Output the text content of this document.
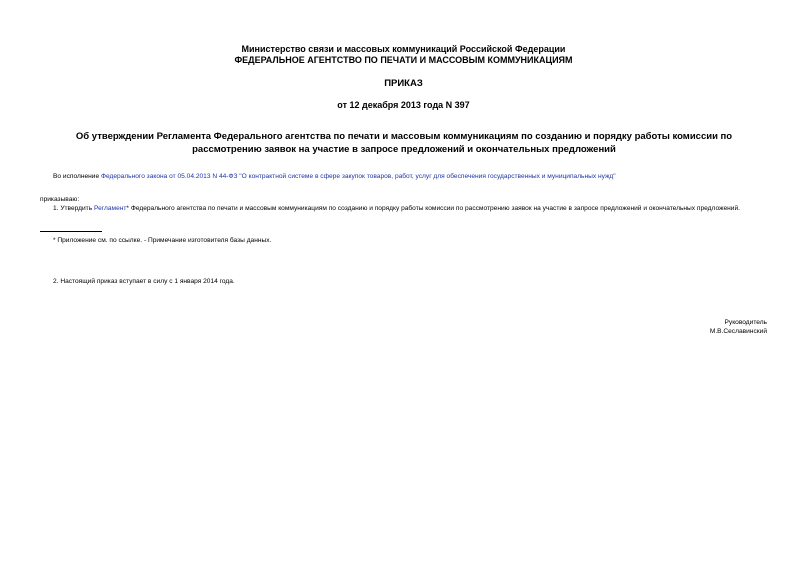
Министерство связи и массовых коммуникаций Российской Федерации
ФЕДЕРАЛЬНОЕ АГЕНТСТВО ПО ПЕЧАТИ И МАССОВЫМ КОММУНИКАЦИЯМ
ПРИКАЗ
от 12 декабря 2013 года N 397
Об утверждении Регламента Федерального агентства по печати и массовым коммуникациям по созданию и порядку работы комиссии по рассмотрению заявок на участие в запросе предложений и окончательных предложений
Во исполнение Федерального закона от 05.04.2013 N 44-ФЗ "О контрактной системе в сфере закупок товаров, работ, услуг для обеспечения государственных и муниципальных нужд"
приказываю:
1. Утвердить Регламент* Федерального агентства по печати и массовым коммуникациям по созданию и порядку работы комиссии по рассмотрению заявок на участие в запросе предложений и окончательных предложений.
* Приложение см. по ссылке. - Примечание изготовителя базы данных.
2. Настоящий приказ вступает в силу с 1 января 2014 года.
Руководитель
М.В.Сеславинский
